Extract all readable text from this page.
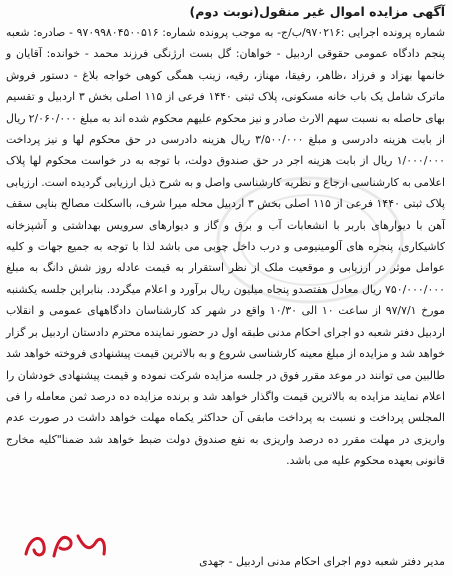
آگهی مزایده اموال غیر منقول(نوبت دوم)

شماره پرونده اجرایی :۹۷۰۲۱۶/ب/ج- به موجب پرونده شماره: ۹۷۰۹۹۸۰۴۵۰۰۵۱۶ - صادره: شعبه پنجم دادگاه عمومی حقوقی اردبیل - خواهان: گل بست ارژنگی فرزند محمد - خوانده: آقایان و خانمها بهزاد و فرزاد ،ظاهر، رفیقا، مهناز، رقیه، زینب همگی کوهی خواجه بلاغ - دستور فروش ماترک شامل یک باب خانه مسکونی، پلاک ثبتی ۱۴۴۰ فرعی از ۱۱۵ اصلی بخش ۳ اردبیل و تقسیم بهای حاصله به نسبت سهم الارث صادر و نیز محکوم علیهم محکوم شده اند به مبلغ ۲/۰۶۰/۰۰۰ ریال از بابت هزینه دادرسی و مبلغ ۳/۵۰۰/۰۰۰ ریال هزینه دادرسی در حق محکوم لها و نیز پرداخت ۱/۰۰۰/۰۰۰ ریال از بابت هزینه اجر در حق صندوق دولت، با توجه به در خواست محکوم لها پلاک اعلامی به کارشناسی ارجاع و نظریه کارشناسی واصل و به شرح ذیل ارزیابی گردیده است. ارزیابی پلاک ثبتی ۱۴۴۰ فرعی از ۱۱۵ اصلی بخش ۳ اردبیل محله میرا شرف، بااسکلت مصالح بنایی سقف آهن با دیوارهای باربر با انشعابات آب و برق و گاز و دیوارهای سرویس بهداشتی و آشپزخانه کاشیکاری، پنجره های آلومینیومی و درب داخل چوبی می باشد لذا با توجه به جمیع جهات و کلیه عوامل موثر در ارزیابی و موقعیت ملک از نظر استقرار به قیمت عادله روز شش دانگ به مبلغ ۷۵۰/۰۰۰/۰۰۰ ریال معادل هفتصدو پنجاه میلیون ریال برآورد و اعلام میگردد. بنابراین جلسه یکشنبه مورخ ۹۷/۷/۱ از ساعت ۱۰ الی ۱۰/۳۰ واقع در شهر کد کارشناسان دادگاههای عمومی و انقلاب اردبیل دفتر شعبه دو اجرای احکام مدنی طبقه اول در حضور نماینده محترم دادستان اردبیل بر گزار خواهد شد و مزایده از مبلغ معینه کارشناسی شروع و به بالاترین قیمت پیشنهادی فروخته خواهد شد طالبین می توانند در موعد مقرر فوق در جلسه مزایده شرکت نموده و قیمت پیشنهادی خودشان را اعلام نمایند مزایده به بالاترین قیمت واگذار خواهد شد و برنده مزایده ده درصد ثمن معامله را فی المجلس پرداخت و نسبت به پرداخت مابقی آن حداکثر یکماه مهلت خواهد داشت در صورت عدم واریزی در مهلت مقرر ده درصد واریزی به نفع صندوق دولت ضبط خواهد شد ضمنا"کلیه مخارج قانونی بعهده محکوم علیه می باشد.

مدیر دفتر شعبه دوم اجرای احکام مدنی اردبیل - جهدی
